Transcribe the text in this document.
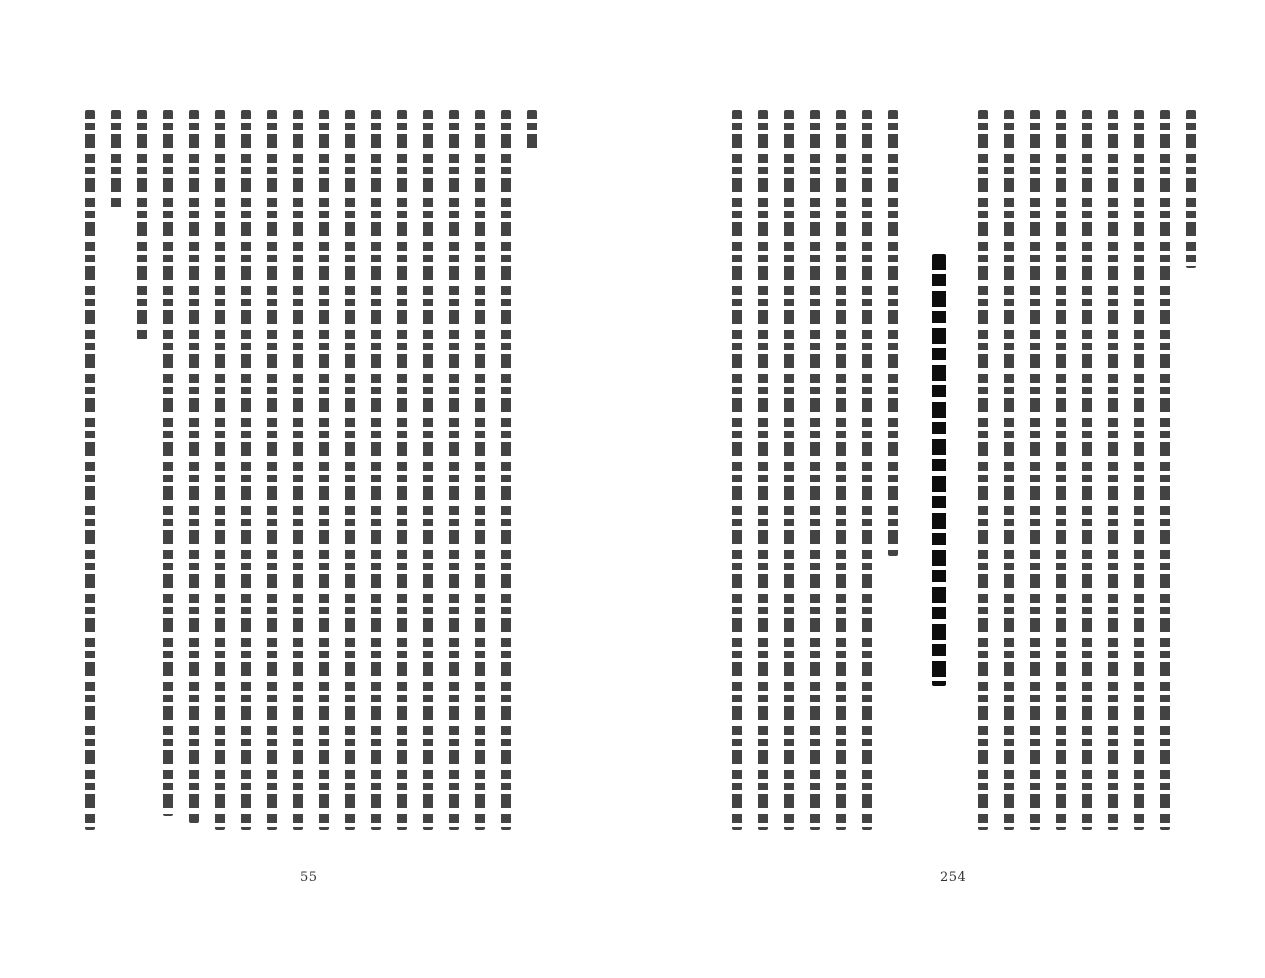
55	254
